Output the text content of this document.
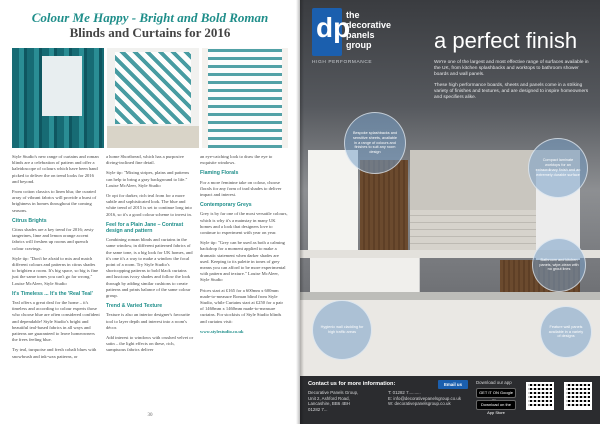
Colour Me Happy - Bright and Bold Roman
Blinds and Curtains for 2016

Style Studio's new range of curtains and roman blinds are a celebration of pattern and offer a kaleidoscope of colours which have been hand picked to deliver the on trend looks for 2016 and beyond.

From cotton classics to linen blur, the curated array of vibrant fabrics will provide a burst of brightness in homes throughout the coming seasons.

Citrus Brights

Citrus shades are a key trend for 2016; zesty tangerines, lime and lemon orange accent fabrics will freshen up rooms and quench colour cravings.

Style tip: "Don't be afraid to mix and match different colours and patterns in citrus shades to brighten a room. It's big space, so big is fine just the same tones you can't go far wrong." Louise McAleer, Style Studio

It's Timeless ... It's the 'Real Teal'

Teal offers a great deal for the home – it's timeless and according to colour experts those who choose blue are often considered confident and dependable! Style Studio's bright and beautiful teal-based fabrics in all ways and patterns are guaranteed to leave homeowners the frees feeling blue.

Try teal, turquoise and fresh cobalt blues with snowbrush and ink-wax patterns, or

a home Shortbread, which has a purposive diving-inclined fine detail.

Style tip: "Mixing stripes, plains and patterns can help to bring a gray background to life." Louise McAleer, Style Studio

Or opt for darker, rich teal from for a more subtle and sophisticated look. The blue and white trend of 2015 is set to continue long into 2016, so it's a good colour scheme to invest in.

Feel for a Plain Jane – Contrast design and pattern

Combining roman blinds and curtains in the same window, in different patterned fabrics of the same tone, is a big look for UK homes, and it's one it's a way to make a window the focal point of a room. Try Style Studio's shortcopping patterns to bold black curtains and luscious ivory shades and follow the look through by adding similar cushions to create patterns and prints balance of the same colour group.

Trend & Varied Texture

Texture is also an interior designer's favourite tool to layer depth and interest into a room's décor.

Add interest to windows with crushed velvet or satin – the light effects on these, rich, sumptuous fabrics deliver

an eye-catching look to draw the eye to exquisite windows.

Flaming Florals

For a more feminine take on colour, choose florals for any form of trad shades to deliver impact and interest.

Contemporary Greys

Grey is by far one of the most versatile colours, which is why it's a mainstay in many UK homes and a look that designers love to continue to experiment with year on year.

Style tip: "Grey can be used as both a calming backdrop for a moment applied to make a dramatic statement when darker shades are used. Keeping to its palette in tones of grey means you can afford to be more experimental with pattern and texture." Louise McAleer, Style Studio

Prices start at £165 for a 600mm x 600mm made-to-measure Roman blind from Style Studio, while Curtains start at £250 for a pair of 1460mm x 1460mm made-to-measure curtains. For stockists of Style Studio blinds and curtains visit:

www.stylestudio.co.uk

30
dp
the
decorative
panels
group
HIGH PERFORMANCE
a perfect finish

We're one of the largest and most effective range of surfaces available in the UK, from kitchen splashbacks and worktops to bathroom shower boards and wall panels.

These high performance boards, sheets and panels come in a striking variety of finishes and textures, and are designed to inspire homeowners and specifiers alike.

Bespoke splashbacks and sensitive sheets, available in a range of colours and finishes to suit any room design
Compact laminate worktops for an extraordinary finish and an extremely durable surface
Bathroom and kitchen panels, wipe-clean with no grout lines
Hygienic wall cladding for high traffic areas
Feature wall panels available in a variety of designs
Contact us for more information:
Decorative Panels Group,
Unit 2, Ashford Road,
Lancashire, BB6 4BH
01282 7...
T: 01282 7..........
E: info@decorativepanelsgroup.co.uk
W: decorativepanelsgroup.co.uk
Email us	Download our app
GET IT ON Google
Download on the App Store
